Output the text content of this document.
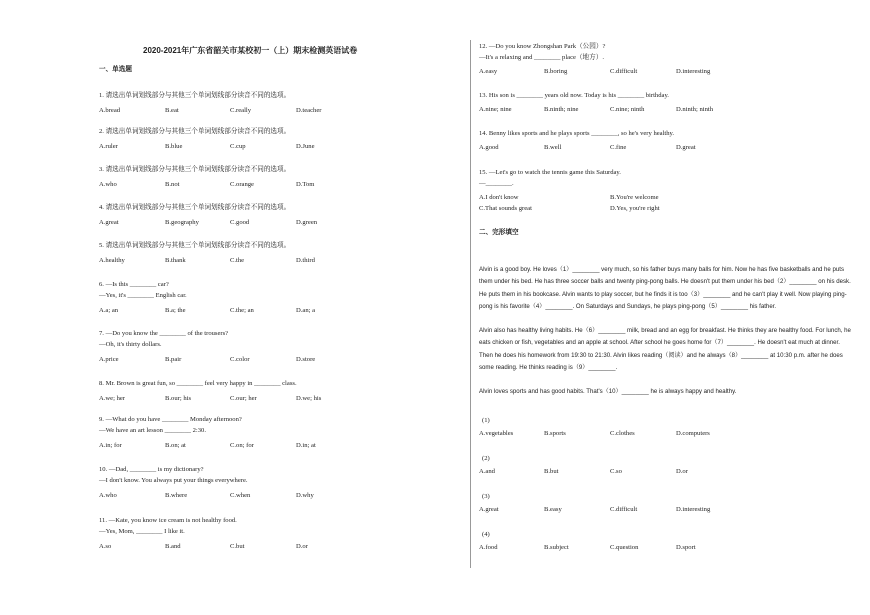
2020-2021年广东省韶关市某校初一（上）期末检测英语试卷
一、单选题
1. 请选出单词划线部分与其他三个单词划线部分读音不同的选项。
A.bread	B.eat	C.really	D.teacher
2. 请选出单词划线部分与其他三个单词划线部分读音不同的选项。
A.ruler	B.blue	C.cup	D.June
3. 请选出单词划线部分与其他三个单词划线部分读音不同的选项。
A.who	B.not	C.orange	D.Tom
4. 请选出单词划线部分与其他三个单词划线部分读音不同的选项。
A.great	B.geography	C.good	D.green
5. 请选出单词划线部分与其他三个单词划线部分读音不同的选项。
A.healthy	B.thank	C.the	D.third
6. —Is this ________ car?
—Yes, it's ________ English car.
A.a; an	B.a; the	C.the; an	D.an; a
7. —Do you know the ________ of the trousers?
—Oh, it's thirty dollars.
A.price	B.pair	C.color	D.store
8. Mr. Brown is great fun, so ________ feel very happy in ________ class.
A.we; her	B.our; his	C.our; her	D.we; his
9. —What do you have ________ Monday afternoon?
—We have an art lesson ________ 2:30.
A.in; for	B.on; at	C.on; for	D.in; at
10. —Dad, ________ is my dictionary?
—I don't know. You always put your things everywhere.
A.who	B.where	C.when	D.why
11. —Kate, you know ice cream is not healthy food.
—Yes, Mom, ________ I like it.
A.so	B.and	C.but	D.or
12. —Do you know Zhongshan Park（公园）?
—It's a relaxing and ________ place（地方）.
A.easy	B.boring	C.difficult	D.interesting
13. His son is ________ years old now. Today is his ________ birthday.
A.nine; nine	B.ninth; nine	C.nine; ninth	D.ninth; ninth
14. Benny likes sports and he plays sports ________, so he's very healthy.
A.good	B.well	C.fine	D.great
15. —Let's go to watch the tennis game this Saturday.
—________.
A.I don't know	B.You're welcome
C.That sounds great	D.Yes, you're right
二、完形填空
Alvin is a good boy. He loves（1）________ very much, so his father buys many balls for him. Now he has five basketballs and he puts them under his bed. He has three soccer balls and twenty ping-pong balls. He doesn't put them under his bed（2）________ on his desk. He puts them in his bookcase. Alvin wants to play soccer, but he finds it is too（3）________ and he can't play it well. Now playing ping-pong is his favorite（4）________. On Saturdays and Sundays, he plays ping-pong（5）________ his father.
Alvin also has healthy living habits. He（6）________ milk, bread and an egg for breakfast. He thinks they are healthy food. For lunch, he eats chicken or fish, vegetables and an apple at school. After school he goes home for（7）________. He doesn't eat much at dinner. Then he does his homework from 19:30 to 21:30. Alvin likes reading（阅读）and he always（8）________ at 10:30 p.m. after he does some reading. He thinks reading is（9）________.
Alvin loves sports and has good habits. That's（10）________ he is always happy and healthy.
(1)
A.vegetables	B.sports	C.clothes	D.computers
(2)
A.and	B.but	C.so	D.or
(3)
A.great	B.easy	C.difficult	D.interesting
(4)
A.food	B.subject	C.question	D.sport
